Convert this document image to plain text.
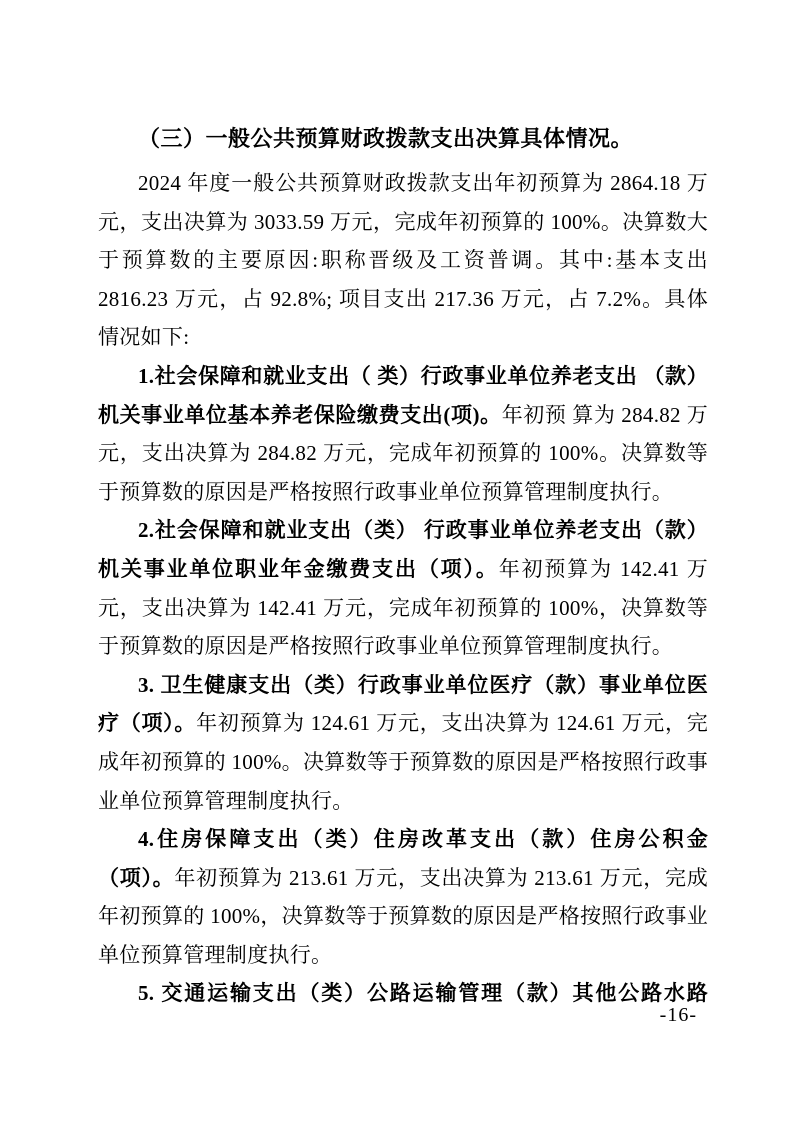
（三）一般公共预算财政拨款支出决算具体情况。

2024 年度一般公共预算财政拨款支出年初预算为 2864.18 万元，支出决算为 3033.59 万元，完成年初预算的 100%。决算数大于预算数的主要原因:职称晋级及工资普调。其中:基本支出 2816.23 万元，占 92.8%; 项目支出 217.36 万元，占 7.2%。具体情况如下:

1.社会保障和就业支出（ 类）行政事业单位养老支出 （款）机关事业单位基本养老保险缴费支出(项)。年初预 算为 284.82 万元，支出决算为 284.82 万元，完成年初预算的 100%。决算数等于预算数的原因是严格按照行政事业单位预算管理制度执行。

2.社会保障和就业支出（类） 行政事业单位养老支出（款）机关事业单位职业年金缴费支出（项）。年初预算为 142.41 万元，支出决算为 142.41 万元，完成年初预算的 100%，决算数等于预算数的原因是严格按照行政事业单位预算管理制度执行。

3. 卫生健康支出（类）行政事业单位医疗（款）事业单位医疗（项）。年初预算为 124.61 万元，支出决算为 124.61 万元，完成年初预算的 100%。决算数等于预算数的原因是严格按照行政事业单位预算管理制度执行。

4.住房保障支出（类）住房改革支出（款）住房公积金（项）。年初预算为 213.61 万元，支出决算为 213.61 万元，完成年初预算的 100%，决算数等于预算数的原因是严格按照行政事业单位预算管理制度执行。

5. 交通运输支出（类）公路运输管理（款）其他公路水路

-16-
